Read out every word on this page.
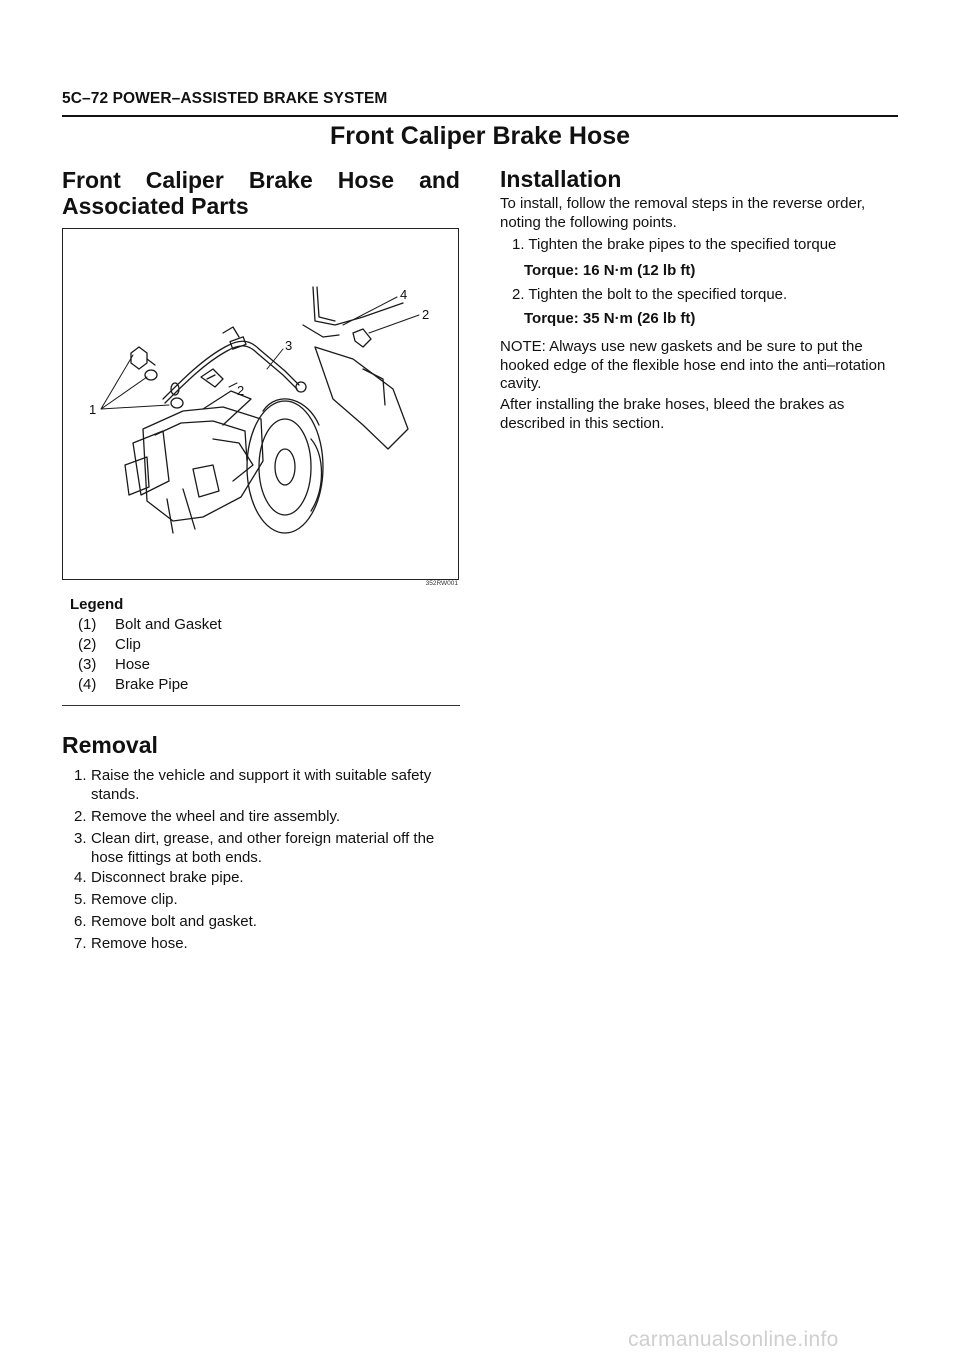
5C–72 POWER–ASSISTED BRAKE SYSTEM
Front Caliper Brake Hose
Front Caliper Brake Hose and
Associated Parts
1
2
3
4
2
352RW001
Legend
(1) Bolt and Gasket
(2) Clip
(3) Hose
(4) Brake Pipe
Removal
1. Raise the vehicle and support it with suitable safety stands.
2. Remove the wheel and tire assembly.
3. Clean dirt, grease, and other foreign material off the hose fittings at both ends.
4. Disconnect brake pipe.
5. Remove clip.
6. Remove bolt and gasket.
7. Remove hose.
Installation
To install, follow the removal steps in the reverse order, noting the following points.
1. Tighten the brake pipes to the specified torque
Torque: 16 N·m (12 lb ft)
2. Tighten the bolt to the specified torque.
Torque: 35 N·m (26 lb ft)
NOTE: Always use new gaskets and be sure to put the hooked edge of the flexible hose end into the anti–rotation cavity.
After installing the brake hoses, bleed the brakes as described in this section.
carmanualsonline.info
